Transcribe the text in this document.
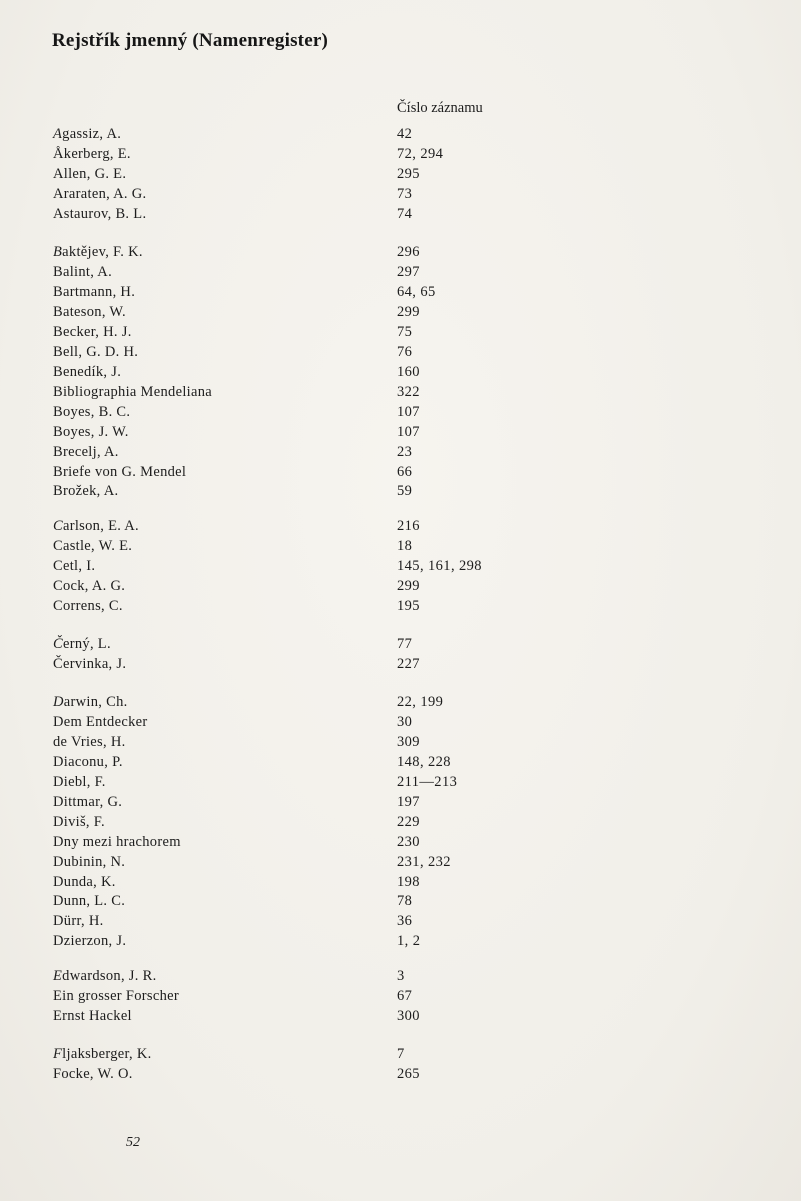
Rejstřík jmenný (Namenregister)
Číslo záznamu
Agassiz, A.	42
Åkerberg, E.	72, 294
Allen, G. E.	295
Araraten, A. G.	73
Astaurov, B. L.	74
Baktějev, F. K.	296
Balint, A.	297
Bartmann, H.	64, 65
Bateson, W.	299
Becker, H. J.	75
Bell, G. D. H.	76
Benedík, J.	160
Bibliographia Mendeliana	322
Boyes, B. C.	107
Boyes, J. W.	107
Brecelj, A.	23
Briefe von G. Mendel	66
Brožek, A.	59
Carlson, E. A.	216
Castle, W. E.	18
Cetl, I.	145, 161, 298
Cock, A. G.	299
Correns, C.	195
Černý, L.	77
Červinka, J.	227
Darwin, Ch.	22, 199
Dem Entdecker	30
de Vries, H.	309
Diaconu, P.	148, 228
Diebl, F.	211—213
Dittmar, G.	197
Diviš, F.	229
Dny mezi hrachorem	230
Dubinin, N.	231, 232
Dunda, K.	198
Dunn, L. C.	78
Dürr, H.	36
Dzierzon, J.	1, 2
Edwardson, J. R.	3
Ein grosser Forscher	67
Ernst Hackel	300
Fljaksberger, K.	7
Focke, W. O.	265
52
